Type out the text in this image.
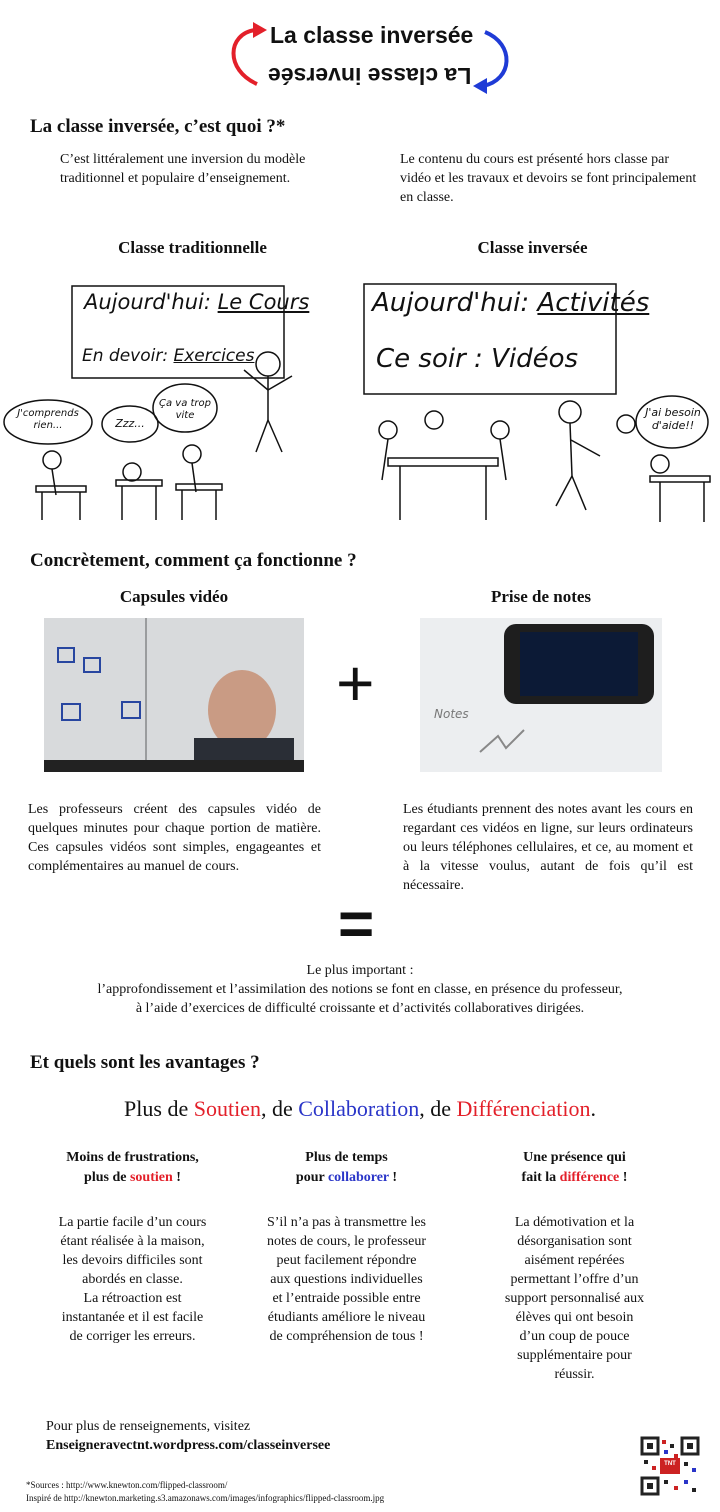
La classe inversée
La classe inversée
La classe inversée, c’est quoi ?*
C’est littéralement une inversion du modèle traditionnel et populaire d’enseignement.
Le contenu du cours est présenté hors classe par vidéo et les travaux et devoirs se font principalement en classe.
Classe traditionnelle	Classe inversée
Aujourd'hui: Le Cours
En devoir: Exercices
J'comprends rien...	Zzz...
Ça va trop vite
Aujourd'hui: Activités
Ce soir : Vidéos
J'ai besoin d'aide!!
Concrètement, comment ça fonctionne ?
Capsules vidéo	Prise de notes
+	Notes
Les professeurs créent des capsules vidéo de quelques minutes pour chaque portion de matière. Ces capsules vidéos sont simples, engageantes et complémentaires au manuel de cours.
Les étudiants prennent des notes avant les cours en regardant ces vidéos en ligne, sur leurs ordinateurs ou leurs téléphones cellulaires, et ce, au moment et à la vitesse voulus, autant de fois qu’il est nécessaire.
=
Le plus important :
l’approfondissement et l’assimilation des notions se font en classe, en présence du professeur,
à l’aide d’exercices de difficulté croissante et d’activités collaboratives dirigées.
Et quels sont les avantages ?
Plus de Soutien, de Collaboration, de Différenciation.
Moins de frustrations,
plus de soutien !
La partie facile d’un cours
étant réalisée à la maison,
les devoirs difficiles sont
abordés en classe.
La rétroaction est
instantanée et il est facile
de corriger les erreurs.
Plus de temps
pour collaborer !
S’il n’a pas à transmettre les
notes de cours, le professeur
peut facilement répondre
aux questions individuelles
et l’entraide possible entre
étudiants améliore le niveau
de compréhension de tous !
Une présence qui
fait la différence !
La démotivation et la
désorganisation sont
aisément repérées
permettant l’offre d’un
support personnalisé aux
élèves qui ont besoin
d’un coup de pouce
supplémentaire pour
réussir.
Pour plus de renseignements, visitez
Enseigneravectnt.wordpress.com/classeinversee
*Sources : http://www.knewton.com/flipped-classroom/
Inspiré de http://knewton.marketing.s3.amazonaws.com/images/infographics/flipped-classroom.jpg
TNT
